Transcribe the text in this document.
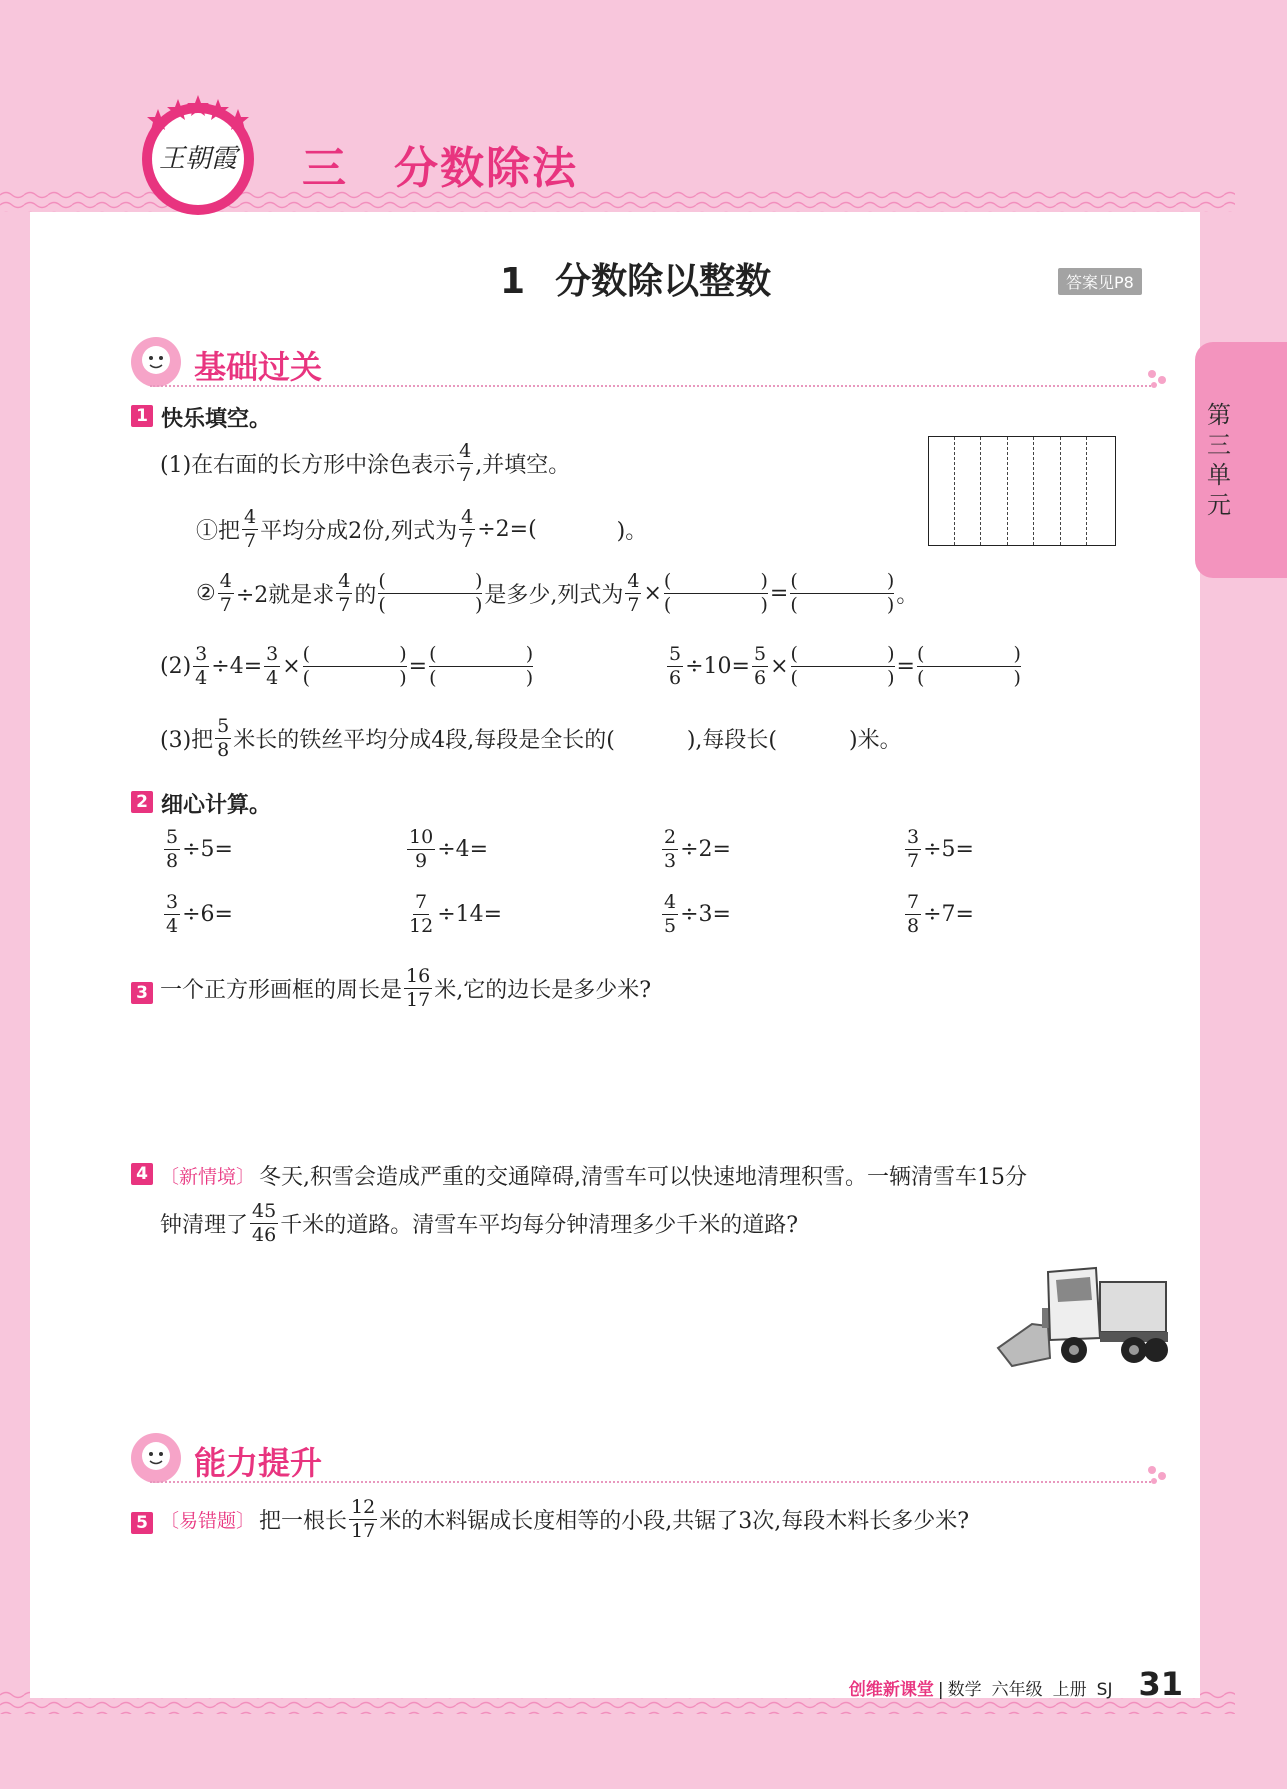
王朝霞 三 分数除法
1 分数除以整数	答案见P8
第三单元
基础过关
1 快乐填空。
(1)在右面的长方形中涂色表示 $\frac{4}{7}$ ,并填空。
①把 $\frac{4}{7}$ 平均分成2份,列式为 $\frac{4}{7} \div 2=$(	)。
② $\frac{4}{7} \div 2$就是求 $\frac{4}{7}$ 的
(	)
(	) 是多少,列式为 $\frac{4}{7}$ × (	)
(	) = (	)
(	) 。
$(2) \frac{3}{4} \div 4= \frac{3}{4}$ × (	)
(	) = (	)
(	)	$\frac{5}{6} \div 10= \frac{5}{6}$ × (	)
(	) = (	)
(	)
(3)把 $\frac{5}{8}$ 米长的铁丝平均分成4段,每段是全长的(	),每段长(	)米。
2 细心计算。
$\frac{5}{8} \div 5=$	$\frac{10}{9} \div 4=$	$\frac{2}{3} \div 2=$	$\frac{3}{7} \div 5=$
$\frac{3}{4} \div 6=$	$\frac{7}{12} \div 14=$	$\frac{4}{5} \div 3=$	$\frac{7}{8} \div 7=$
3 一个正方形画框的周长是 $\frac{16}{17}$ 米,它的边长是多少米?
4 〔新情境〕 冬天,积雪会造成严重的交通障碍,清雪车可以快速地清理积雪。一辆清雪车15分
钟清理了 $\frac{45}{46}$ 千米的道路。清雪车平均每分钟清理多少千米的道路?
能力提升
5 〔易错题〕 把一根长 $\frac{12}{17}$ 米的木料锯成长度相等的小段,共锯了3次,每段木料长多少米?
创维新课堂 | 数学 六年级 上册 SJ 31
